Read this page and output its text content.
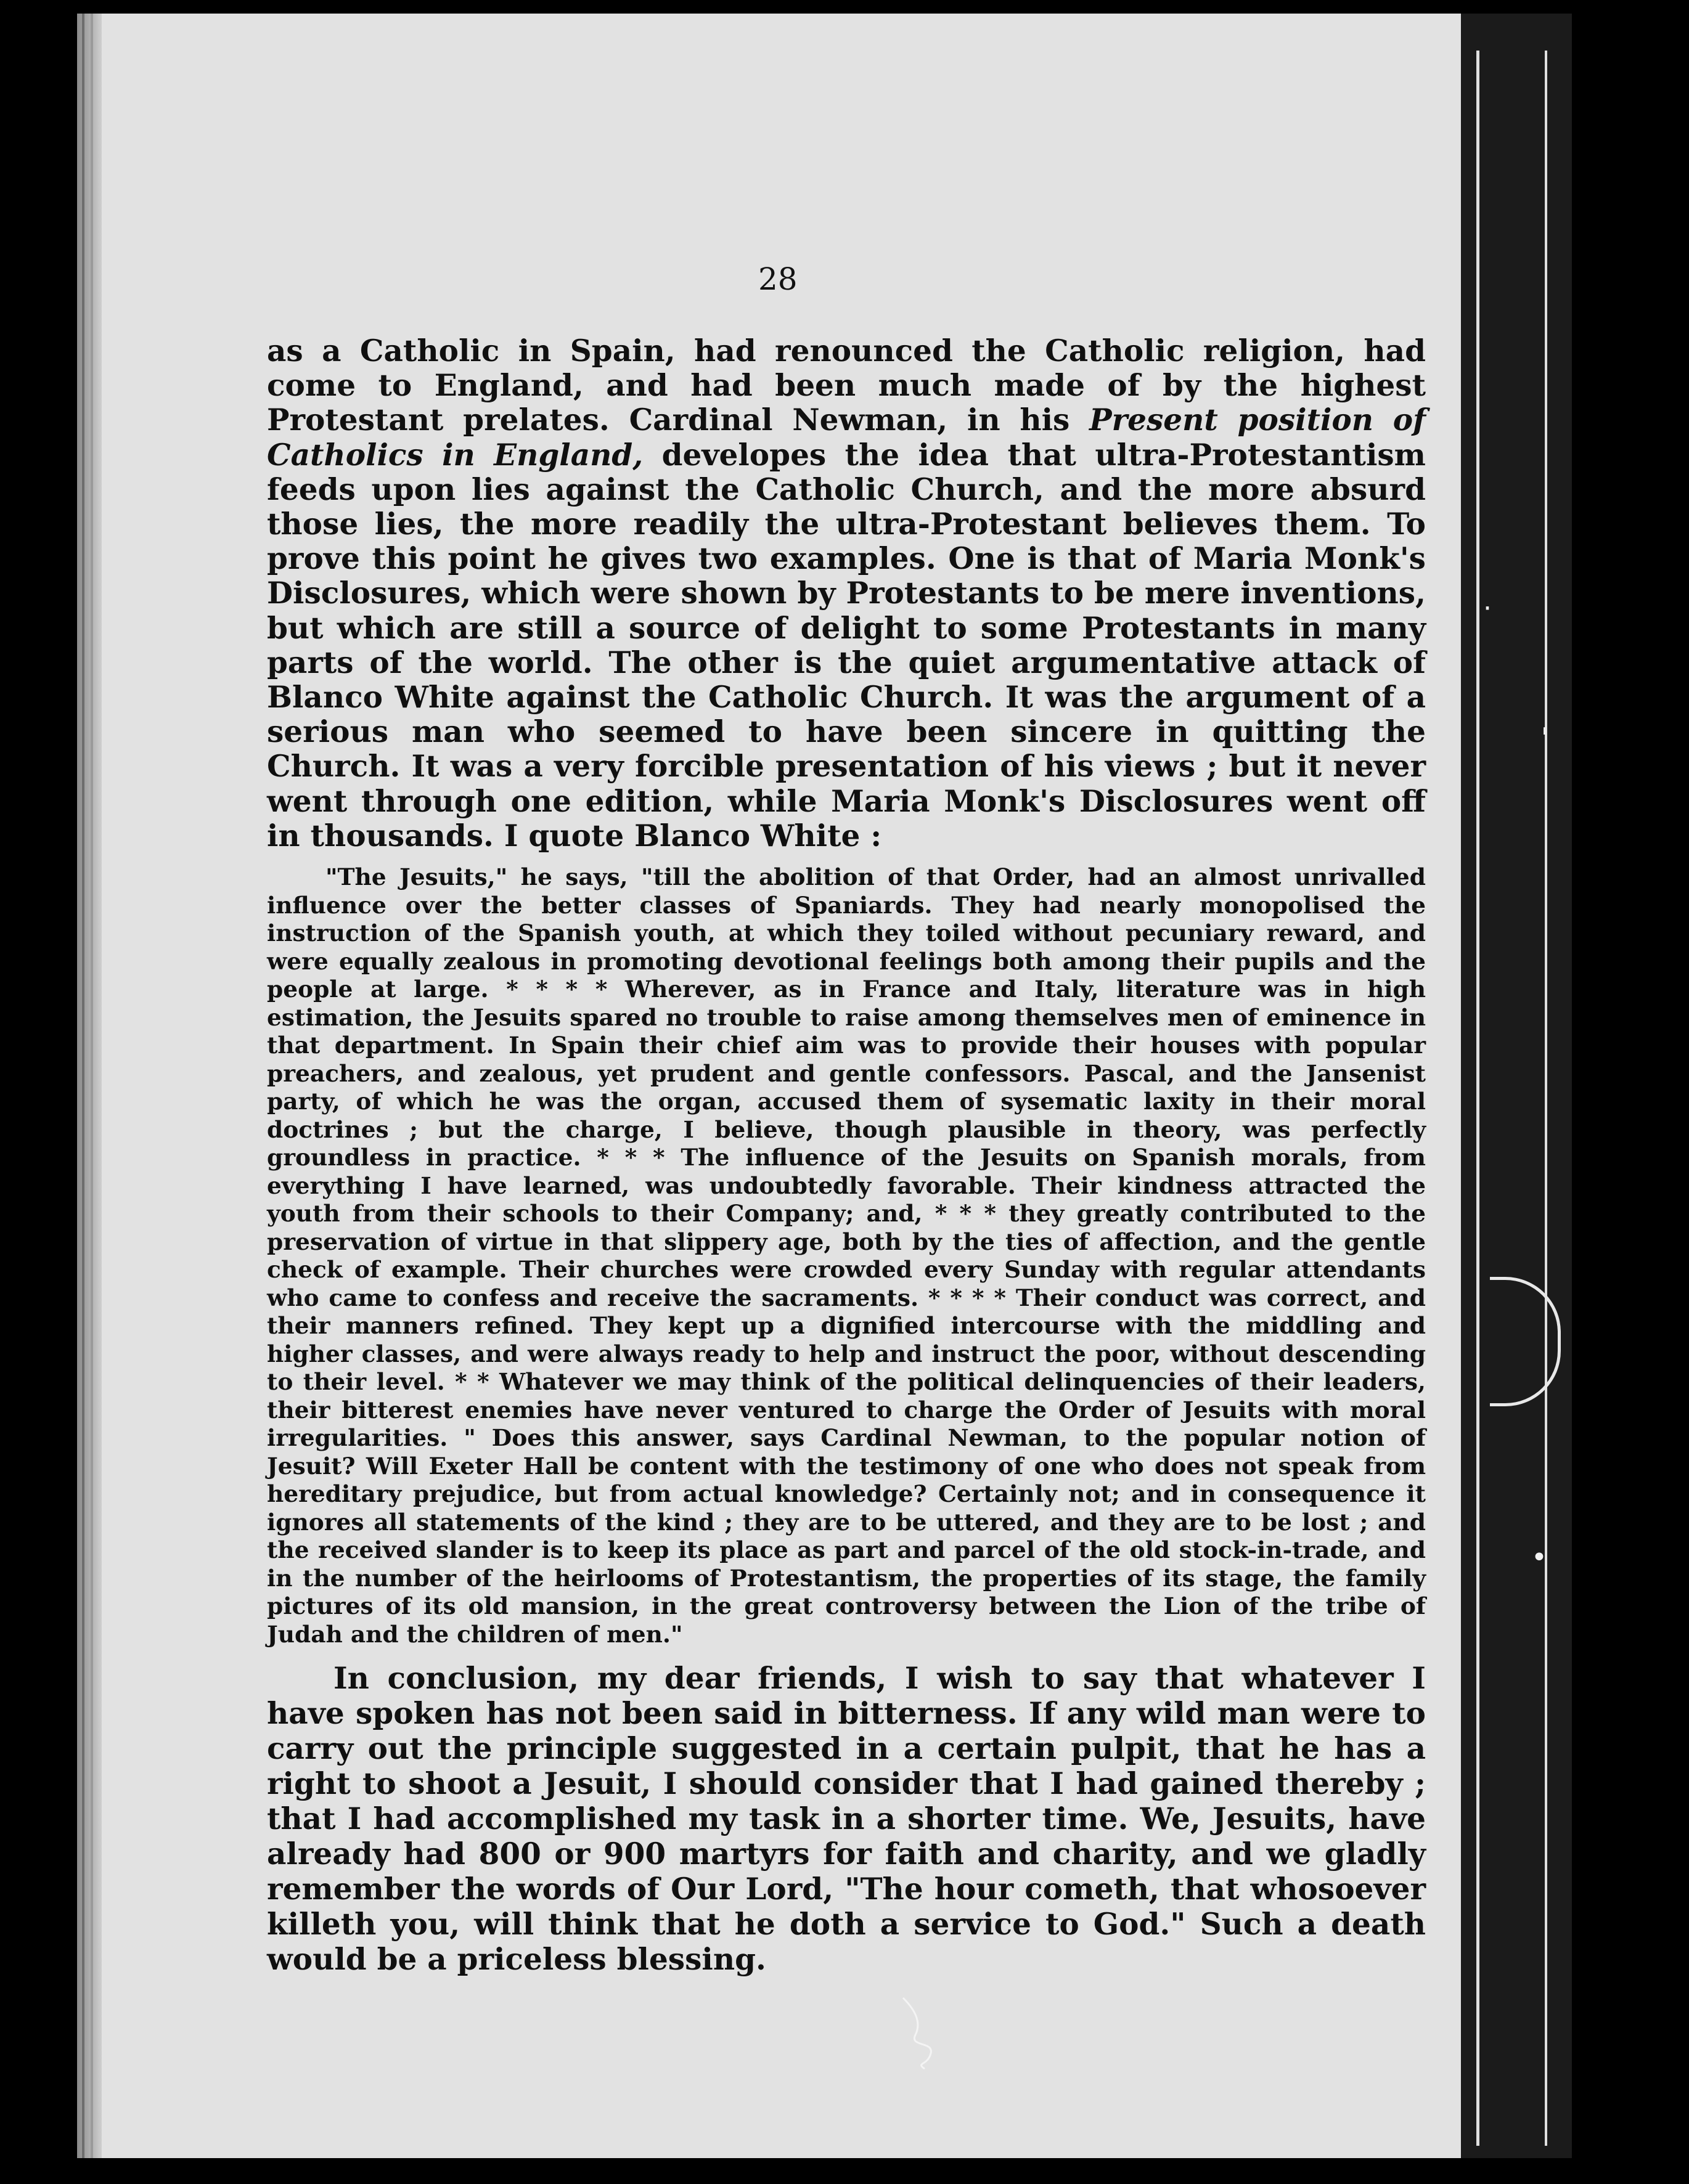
·
'
•
28

as a Catholic in Spain, had renounced the Catholic religion, had come to England, and had been much made of by the highest Protestant prelates. Cardinal Newman, in his Present position of Catholics in England, developes the idea that ultra-Protestantism feeds upon lies against the Catholic Church, and the more absurd those lies, the more readily the ultra-Protestant believes them. To prove this point he gives two examples. One is that of Maria Monk's Disclosures, which were shown by Protestants to be mere inventions, but which are still a source of delight to some Protestants in many parts of the world. The other is the quiet argumentative attack of Blanco White against the Catholic Church. It was the argument of a serious man who seemed to have been sincere in quitting the Church. It was a very forcible presentation of his views ; but it never went through one edition, while Maria Monk's Disclosures went off in thousands. I quote Blanco White :

"The Jesuits," he says, "till the abolition of that Order, had an almost unrivalled influence over the better classes of Spaniards. They had nearly monopolised the instruction of the Spanish youth, at which they toiled without pecuniary reward, and were equally zealous in promoting devotional feelings both among their pupils and the people at large. * * * * Wherever, as in France and Italy, literature was in high estimation, the Jesuits spared no trouble to raise among themselves men of eminence in that department. In Spain their chief aim was to provide their houses with popular preachers, and zealous, yet prudent and gentle confessors. Pascal, and the Jansenist party, of which he was the organ, accused them of sysematic laxity in their moral doctrines ; but the charge, I believe, though plausible in theory, was perfectly groundless in practice. * * * The influence of the Jesuits on Spanish morals, from everything I have learned, was undoubtedly favorable. Their kindness attracted the youth from their schools to their Company; and, * * * they greatly contributed to the preservation of virtue in that slippery age, both by the ties of affection, and the gentle check of example. Their churches were crowded every Sunday with regular attendants who came to confess and receive the sacraments. * * * * Their conduct was correct, and their manners refined. They kept up a dignified intercourse with the middling and higher classes, and were always ready to help and instruct the poor, without descending to their level. * * Whatever we may think of the political delinquencies of their leaders, their bitterest enemies have never ventured to charge the Order of Jesuits with moral irregularities. " Does this answer, says Cardinal Newman, to the popular notion of Jesuit? Will Exeter Hall be content with the testimony of one who does not speak from hereditary prejudice, but from actual knowledge? Certainly not; and in consequence it ignores all statements of the kind ; they are to be uttered, and they are to be lost ; and the received slander is to keep its place as part and parcel of the old stock-in-trade, and in the number of the heirlooms of Protestantism, the properties of its stage, the family pictures of its old mansion, in the great controversy between the Lion of the tribe of Judah and the children of men."

In conclusion, my dear friends, I wish to say that whatever I have spoken has not been said in bitterness. If any wild man were to carry out the principle suggested in a certain pulpit, that he has a right to shoot a Jesuit, I should consider that I had gained thereby ; that I had accomplished my task in a shorter time. We, Jesuits, have already had 800 or 900 martyrs for faith and charity, and we gladly remember the words of Our Lord, "The hour cometh, that whosoever killeth you, will think that he doth a service to God." Such a death would be a priceless blessing.
